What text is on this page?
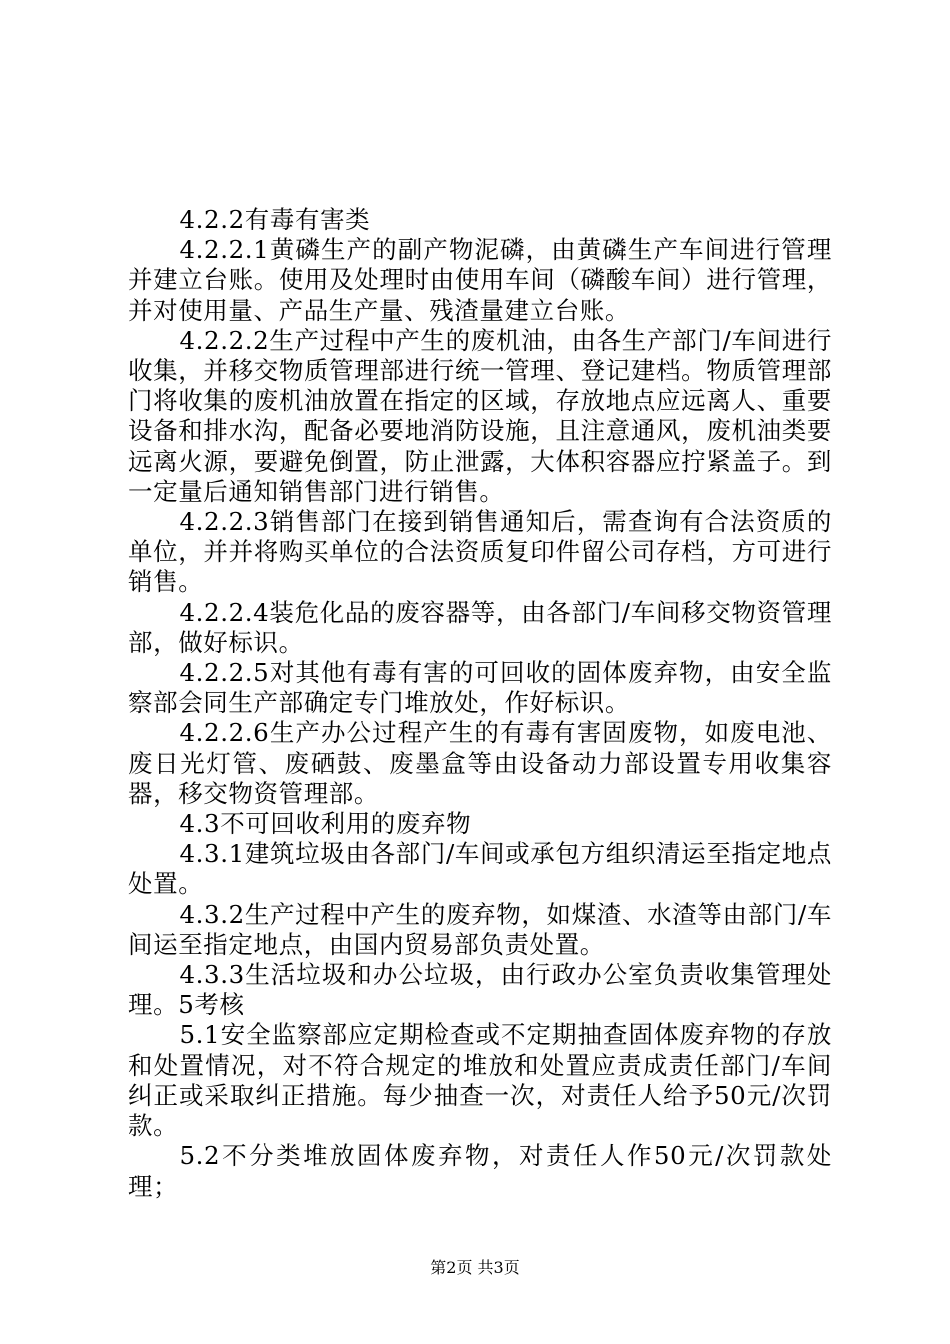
4.2.2有毒有害类

4.2.2.1黄磷生产的副产物泥磷，由黄磷生产车间进行管理并建立台账。使用及处理时由使用车间（磷酸车间）进行管理，并对使用量、产品生产量、残渣量建立台账。

4.2.2.2生产过程中产生的废机油，由各生产部门/车间进行收集，并移交物质管理部进行统一管理、登记建档。物质管理部门将收集的废机油放置在指定的区域，存放地点应远离人、重要设备和排水沟，配备必要地消防设施，且注意通风，废机油类要远离火源，要避免倒置，防止泄露，大体积容器应拧紧盖子。到一定量后通知销售部门进行销售。

4.2.2.3销售部门在接到销售通知后，需查询有合法资质的单位，并并将购买单位的合法资质复印件留公司存档，方可进行销售。

4.2.2.4装危化品的废容器等，由各部门/车间移交物资管理部，做好标识。

4.2.2.5对其他有毒有害的可回收的固体废弃物，由安全监察部会同生产部确定专门堆放处，作好标识。

4.2.2.6生产办公过程产生的有毒有害固废物，如废电池、废日光灯管、废硒鼓、废墨盒等由设备动力部设置专用收集容器，移交物资管理部。

4.3不可回收利用的废弃物

4.3.1建筑垃圾由各部门/车间或承包方组织清运至指定地点处置。

4.3.2生产过程中产生的废弃物，如煤渣、水渣等由部门/车间运至指定地点，由国内贸易部负责处置。

4.3.3生活垃圾和办公垃圾，由行政办公室负责收集管理处理。5考核

5.1安全监察部应定期检查或不定期抽查固体废弃物的存放和处置情况，对不符合规定的堆放和处置应责成责任部门/车间纠正或采取纠正措施。每少抽查一次，对责任人给予50元/次罚款。

5.2不分类堆放固体废弃物，对责任人作50元/次罚款处理；

第2页 共3页
